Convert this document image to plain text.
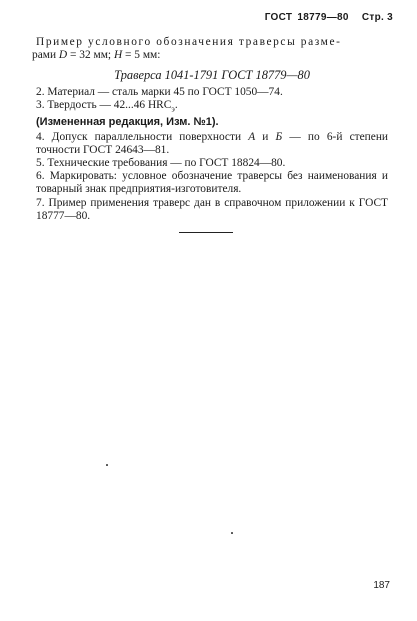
ГОСТ 18779—80 Стр. 3

Пример условного обозначения траверсы разме-

рами D = 32 мм; H = 5 мм:

Траверса 1041-1791 ГОСТ 18779—80

2. Материал — сталь марки 45 по ГОСТ 1050—74.

3. Твердость — 42...46 $HRC_э$.

(Измененная редакция, Изм. №1).

4. Допуск параллельности поверхности А и Б — по 6-й степени точности ГОСТ 24643—81.

5. Технические требования — по ГОСТ 18824—80.

6. Маркировать: условное обозначение траверсы без наименования и товарный знак предприятия-изготовителя.

7. Пример применения траверс дан в справочном приложении к ГОСТ 18777—80.

187
